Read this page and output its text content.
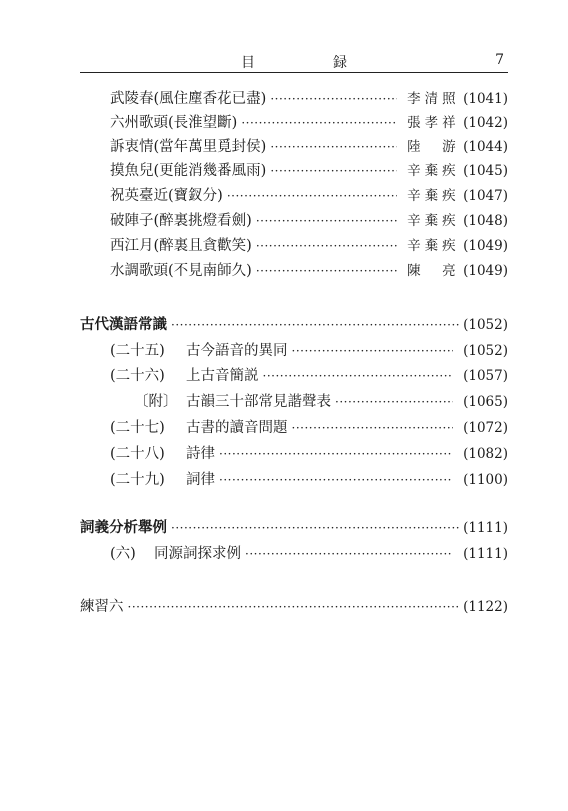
目　録	7
武陵春(風住塵香花已盡) ·····	李清照 (1041)
六州歌頭(長淮望斷) ·····	張孝祥 (1042)
訴衷情(當年萬里覓封侯) ·····	陸　游 (1044)
摸魚兒(更能消幾番風雨) ·····	辛棄疾 (1045)
祝英臺近(寶釵分) ·····	辛棄疾 (1047)
破陣子(醉裏挑燈看劍) ·····	辛棄疾 (1048)
西江月(醉裏且貪歡笑) ·····	辛棄疾 (1049)
水調歌頭(不見南師久) ·····	陳　亮 (1049)
古代漢語常識 ·····	(1052)
(二十五) 古今語音的異同 ·····	(1052)
(二十六) 上古音簡説 ·····	(1057)
〔附〕 古韻三十部常見諧聲表 ·····	(1065)
(二十七) 古書的讀音問題 ·····	(1072)
(二十八) 詩律 ·····	(1082)
(二十九) 詞律 ·····	(1100)
詞義分析舉例 ·····	(1111)
(六) 同源詞探求例 ·····	(1111)
練習六 ·····	(1122)
